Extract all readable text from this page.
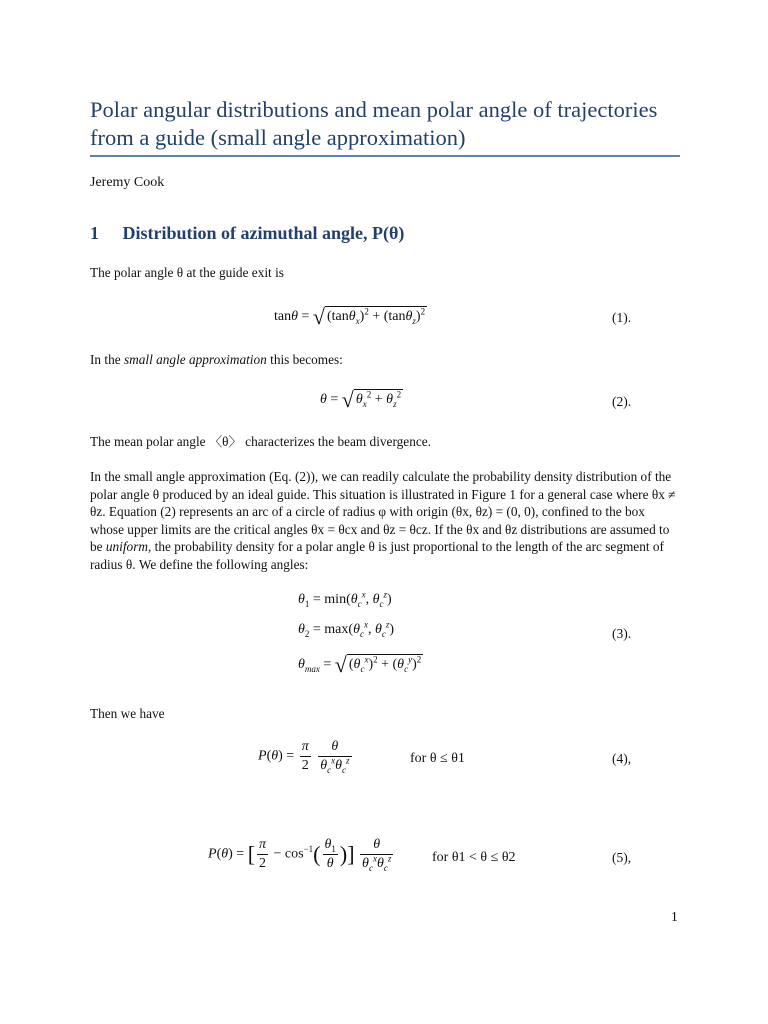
Polar angular distributions and mean polar angle of trajectories from a guide (small angle approximation)
Jeremy Cook
1 Distribution of azimuthal angle, P(θ)
The polar angle θ at the guide exit is
tanθ = √ $(\tan\theta_x)^2 + (\tan\theta_z)^2$	(1).
In the small angle approximation this becomes:
θ = √ $\theta_x^2 + \theta_z^2$	(2).
The mean polar angle 〈θ〉 characterizes the beam divergence.
In the small angle approximation (Eq. (2)), we can readily calculate the probability density distribution of the polar angle θ produced by an ideal guide. This situation is illustrated in Figure 1 for a general case where θx ≠ θz. Equation (2) represents an arc of a circle of radius φ with origin (θx, θz) = (0, 0), confined to the box whose upper limits are the critical angles θx = θcx and θz = θcz. If the θx and θz distributions are assumed to be uniform, the probability density for a polar angle θ is just proportional to the length of the arc segment of radius θ. We define the following angles:
$\theta_1 = \min(\theta_c^x$, $\theta_c^z$)
$\theta_2 = \max(\theta_c^x$, $\theta_c^z$)	(3).
$\theta_{max}$ = √ $(\theta_c^x)^2 + (\theta_c^y)^2$
Then we have
$P(\theta) = \frac{\pi}{2}$
$\frac{\theta}{\theta_c^x\theta_c^z}$	for θ ≤ θ1	(4),
P(θ) = [ $\frac{\pi}{2} - \cos^{-1}( \frac{\theta_1}{\theta}$ )] $\frac{\theta}{\theta_c^x\theta_c^z}$	for θ1 < θ ≤ θ2	(5),
1
